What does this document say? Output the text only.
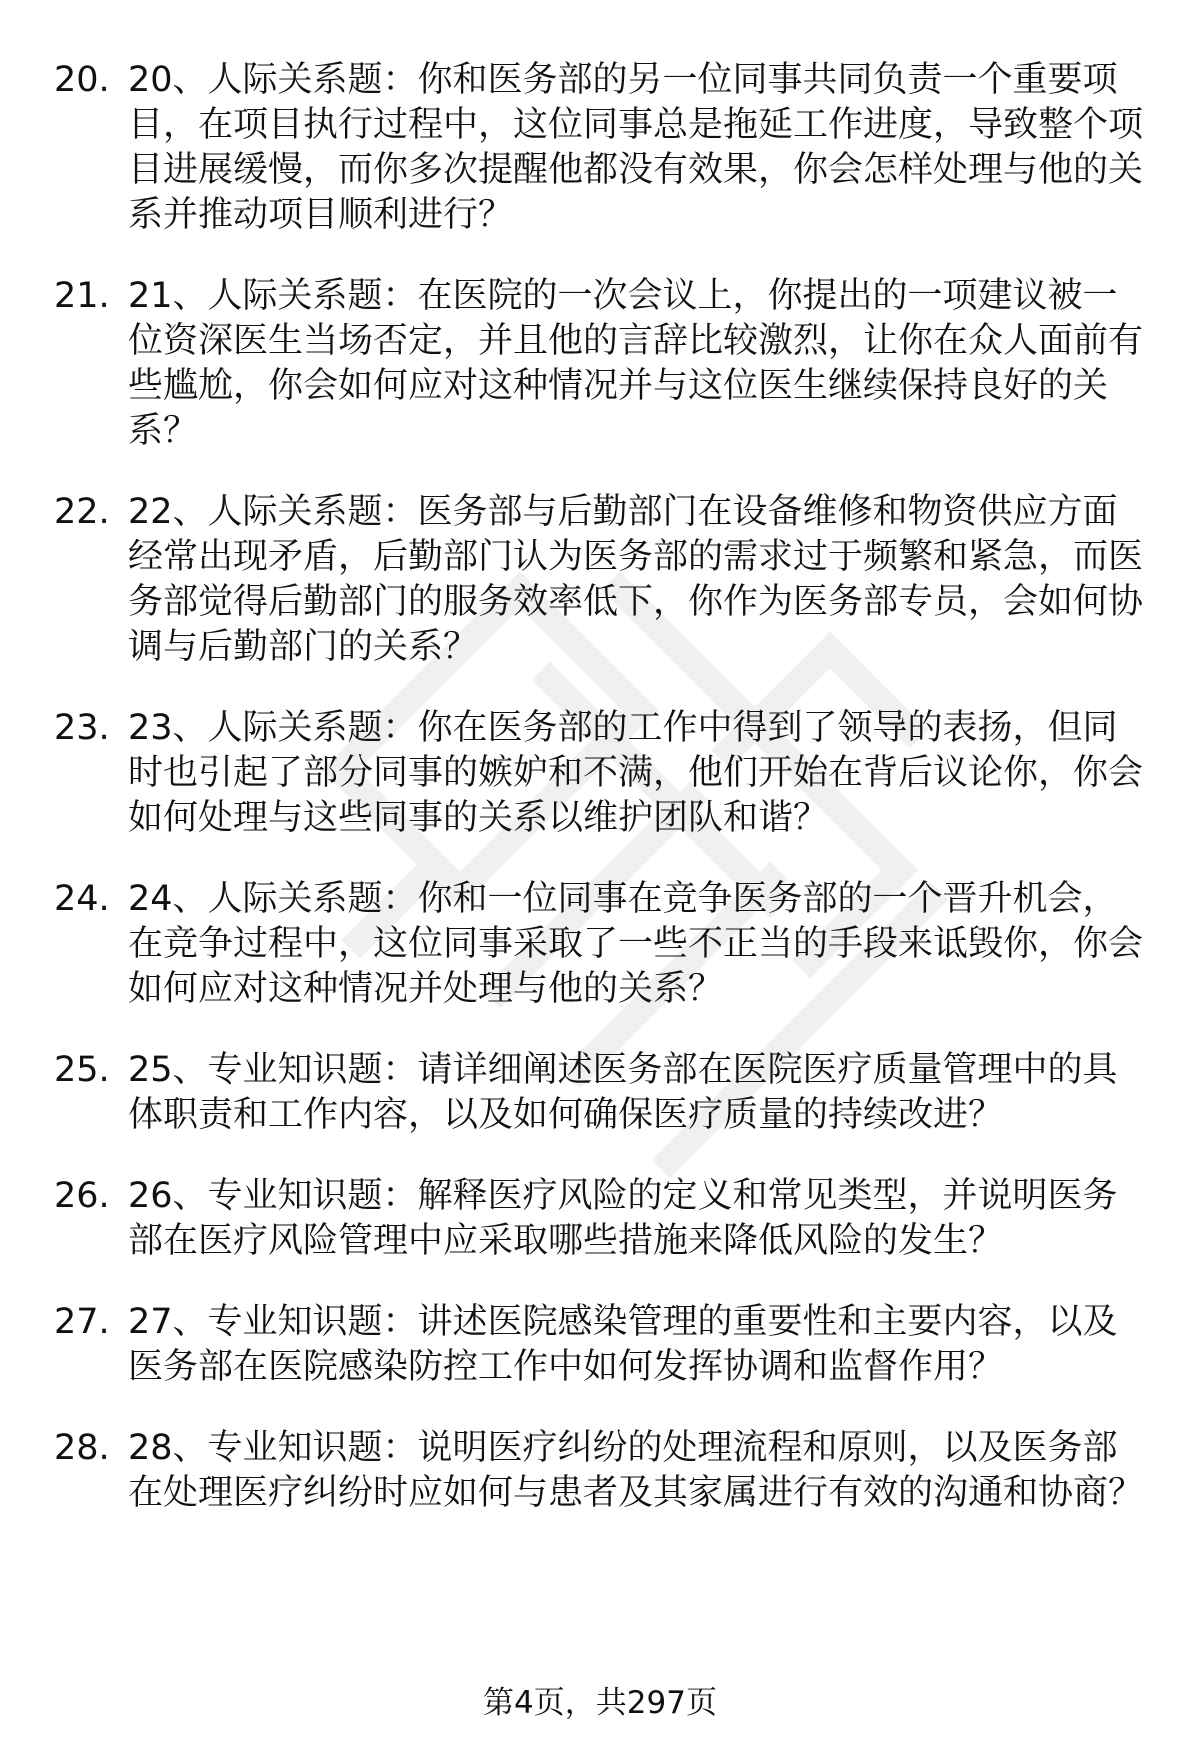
20. 20、人际关系题：你和医务部的另一位同事共同负责一个重要项目，在项目执行过程中，这位同事总是拖延工作进度，导致整个项目进展缓慢，而你多次提醒他都没有效果，你会怎样处理与他的关系并推动项目顺利进行？
21. 21、人际关系题：在医院的一次会议上，你提出的一项建议被一位资深医生当场否定，并且他的言辞比较激烈，让你在众人面前有些尴尬，你会如何应对这种情况并与这位医生继续保持良好的关系？
22. 22、人际关系题：医务部与后勤部门在设备维修和物资供应方面经常出现矛盾，后勤部门认为医务部的需求过于频繁和紧急，而医务部觉得后勤部门的服务效率低下，你作为医务部专员，会如何协调与后勤部门的关系？
23. 23、人际关系题：你在医务部的工作中得到了领导的表扬，但同时也引起了部分同事的嫉妒和不满，他们开始在背后议论你，你会如何处理与这些同事的关系以维护团队和谐？
24. 24、人际关系题：你和一位同事在竞争医务部的一个晋升机会，在竞争过程中，这位同事采取了一些不正当的手段来诋毁你，你会如何应对这种情况并处理与他的关系？
25. 25、专业知识题：请详细阐述医务部在医院医疗质量管理中的具体职责和工作内容，以及如何确保医疗质量的持续改进？
26. 26、专业知识题：解释医疗风险的定义和常见类型，并说明医务部在医疗风险管理中应采取哪些措施来降低风险的发生？
27. 27、专业知识题：讲述医院感染管理的重要性和主要内容，以及医务部在医院感染防控工作中如何发挥协调和监督作用？
28. 28、专业知识题：说明医疗纠纷的处理流程和原则，以及医务部在处理医疗纠纷时应如何与患者及其家属进行有效的沟通和协商？
第4页，共297页
